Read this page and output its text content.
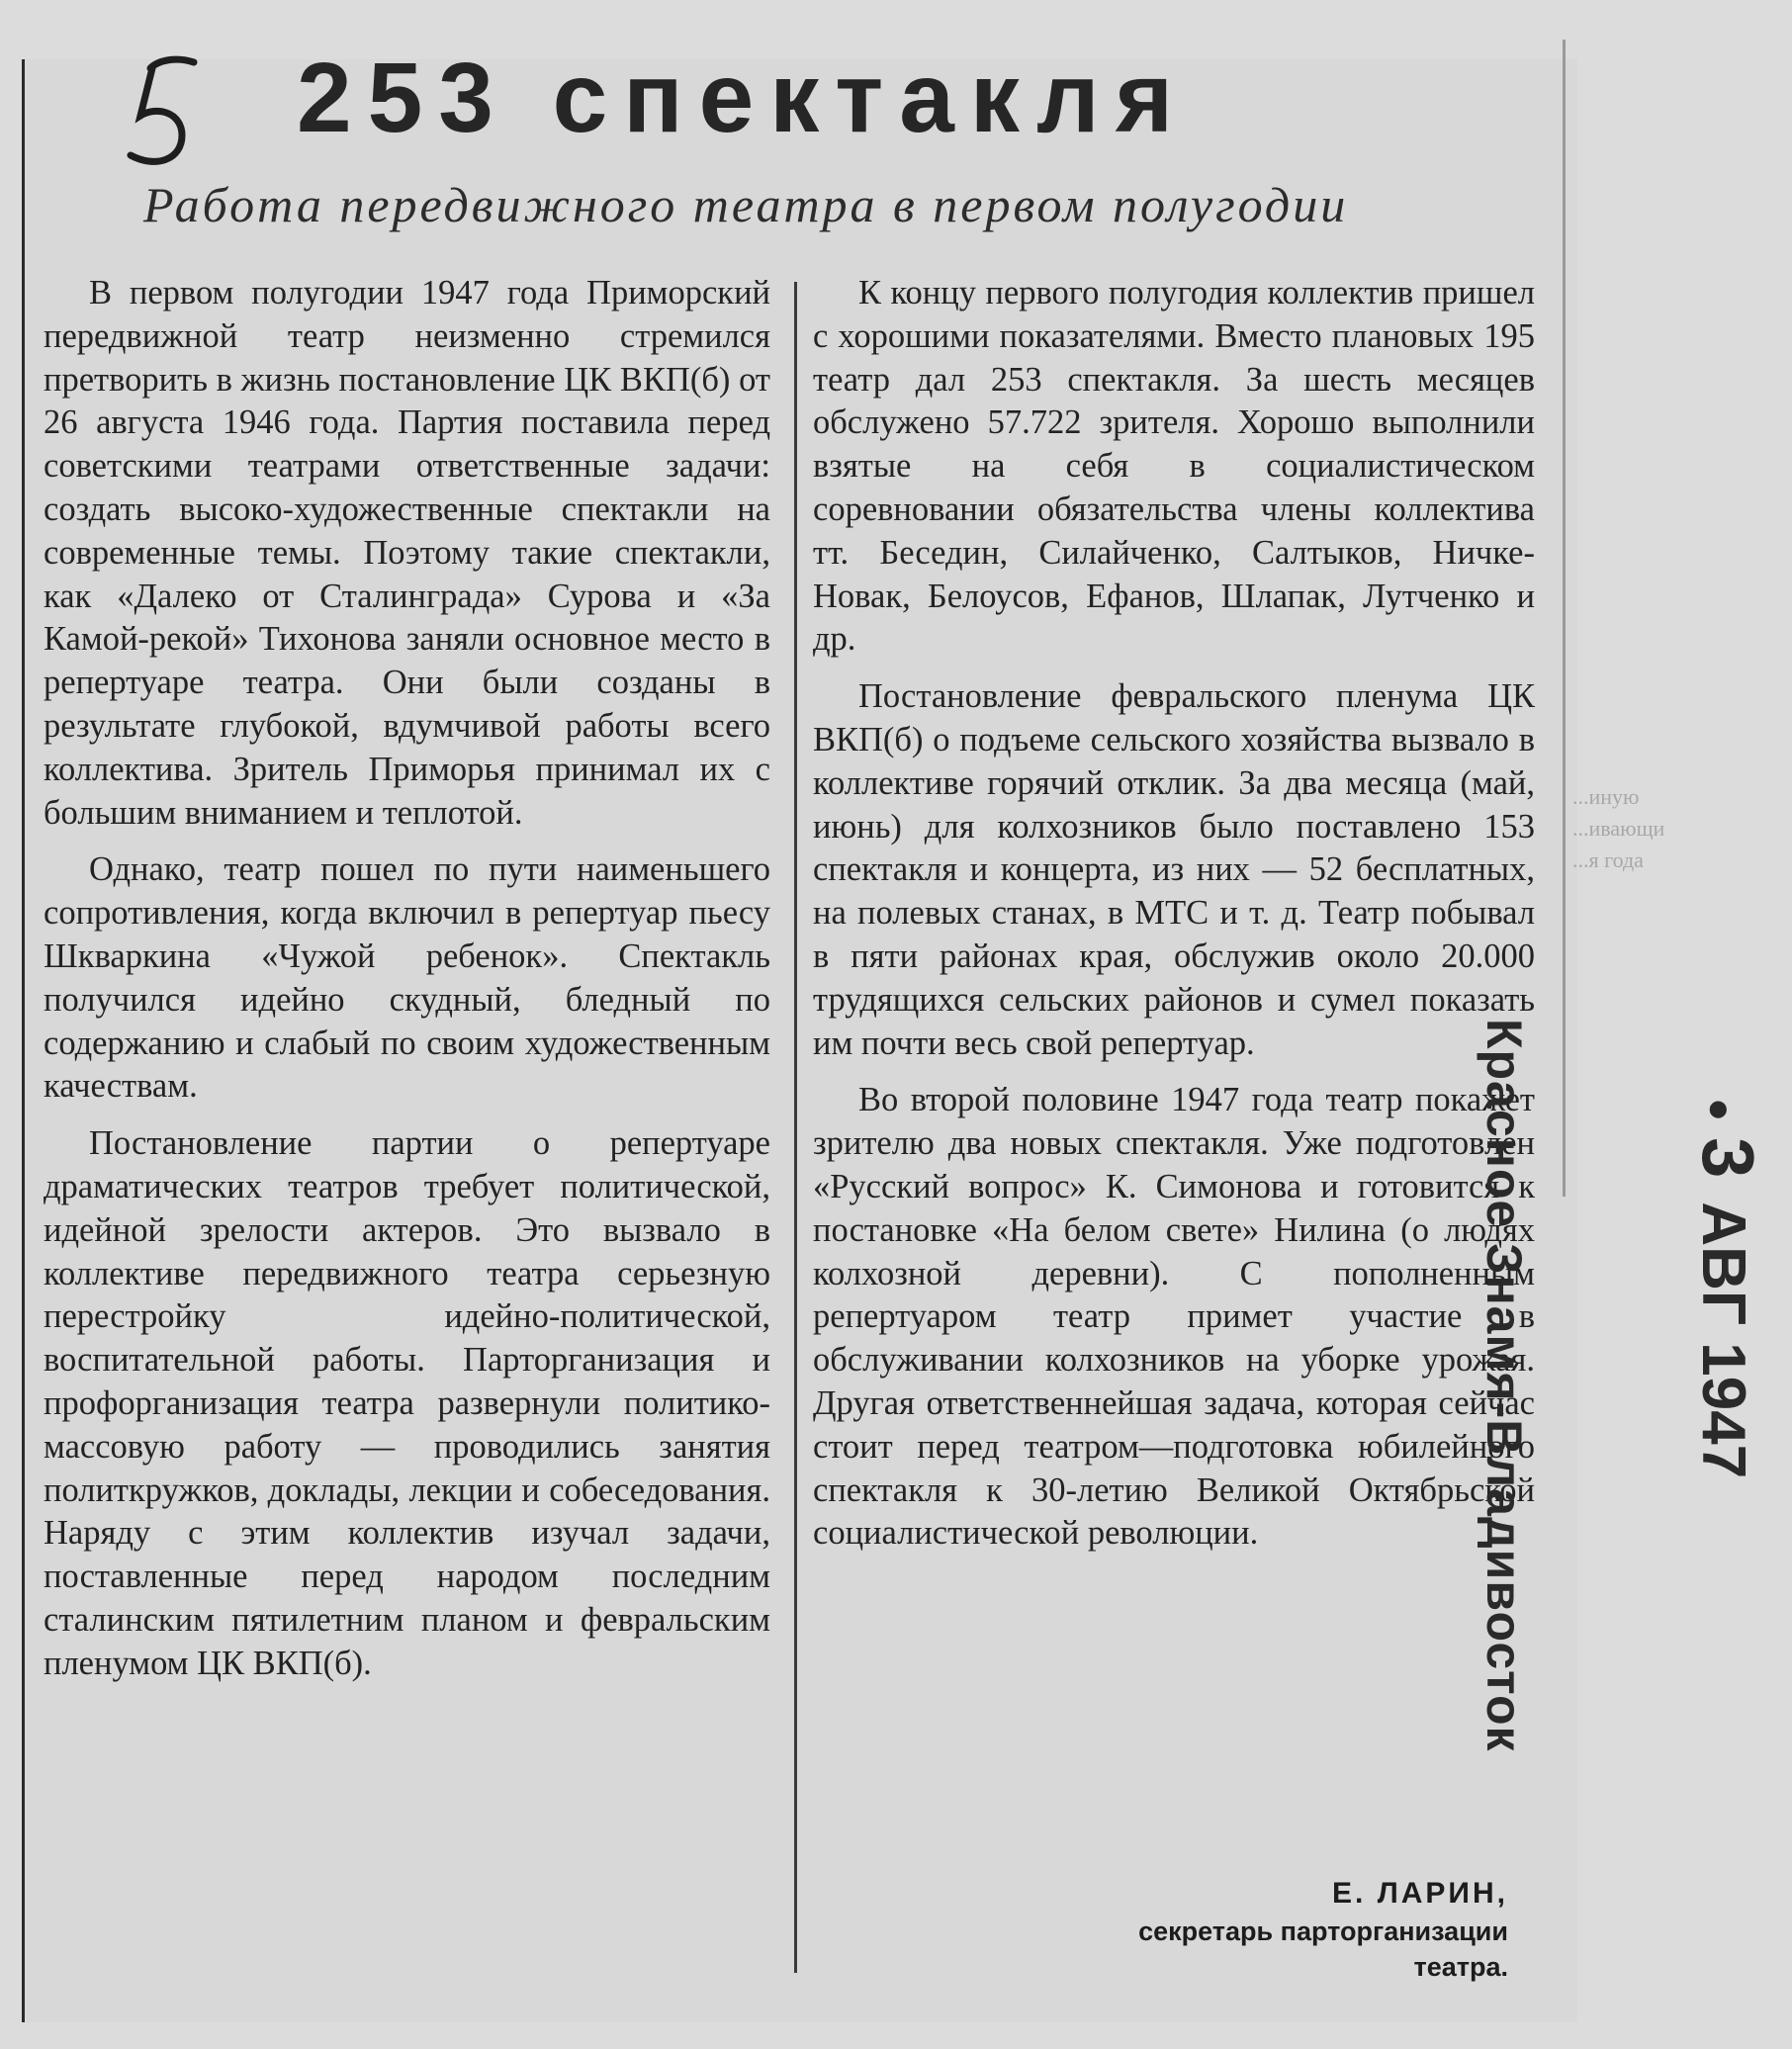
...иную
...ивающи
...я года
253 спектакля
Работа передвижного театра в первом полугодии

В первом полугодии 1947 года Приморский передвижной театр неизменно стремился претворить в жизнь постановление ЦК ВКП(б) от 26 августа 1946 года. Партия поставила перед советскими театрами ответственные задачи: создать высоко-художественные спектакли на современные темы. Поэтому такие спектакли, как «Далеко от Сталинграда» Сурова и «За Камой-рекой» Тихонова заняли основное место в репертуаре театра. Они были созданы в результате глубокой, вдумчивой работы всего коллектива. Зритель Приморья принимал их с большим вниманием и теплотой.

Однако, театр пошел по пути наименьшего сопротивления, когда включил в репертуар пьесу Шкваркина «Чужой ребенок». Спектакль получился идейно скудный, бледный по содержанию и слабый по своим художественным качествам.

Постановление партии о репертуаре драматических театров требует политической, идейной зрелости актеров. Это вызвало в коллективе передвижного театра серьезную перестройку идейно-политической, воспитательной работы. Парторганизация и профорганизация театра развернули политико-массовую работу — проводились занятия политкружков, доклады, лекции и собеседования. Наряду с этим коллектив изучал задачи, поставленные перед народом последним сталинским пятилетним планом и февральским пленумом ЦК ВКП(б).

К концу первого полугодия коллектив пришел с хорошими показателями. Вместо плановых 195 театр дал 253 спектакля. За шесть месяцев обслужено 57.722 зрителя. Хорошо выполнили взятые на себя в социалистическом соревновании обязательства члены коллектива тт. Беседин, Силайченко, Салтыков, Ничке-Новак, Белоусов, Ефанов, Шлапак, Лутченко и др.

Постановление февральского пленума ЦК ВКП(б) о подъеме сельского хозяйства вызвало в коллективе горячий отклик. За два месяца (май, июнь) для колхозников было поставлено 153 спектакля и концерта, из них — 52 бесплатных, на полевых станах, в МТС и т. д. Театр побывал в пяти районах края, обслужив около 20.000 трудящихся сельских районов и сумел показать им почти весь свой репертуар.

Во второй половине 1947 года театр покажет зрителю два новых спектакля. Уже подготовлен «Русский вопрос» К. Симонова и готовится к постановке «На белом свете» Нилина (о людях колхозной деревни). С пополненным репертуаром театр примет участие в обслуживании колхозников на уборке урожая. Другая ответственнейшая задача, которая сейчас стоит перед театром—подготовка юбилейного спектакля к 30-летию Великой Октябрьской социалистической революции.

Е. ЛАРИН,
секретарь парторганизации
театра.
Красное Знамя-Владивосток	●3АВГ 1947
